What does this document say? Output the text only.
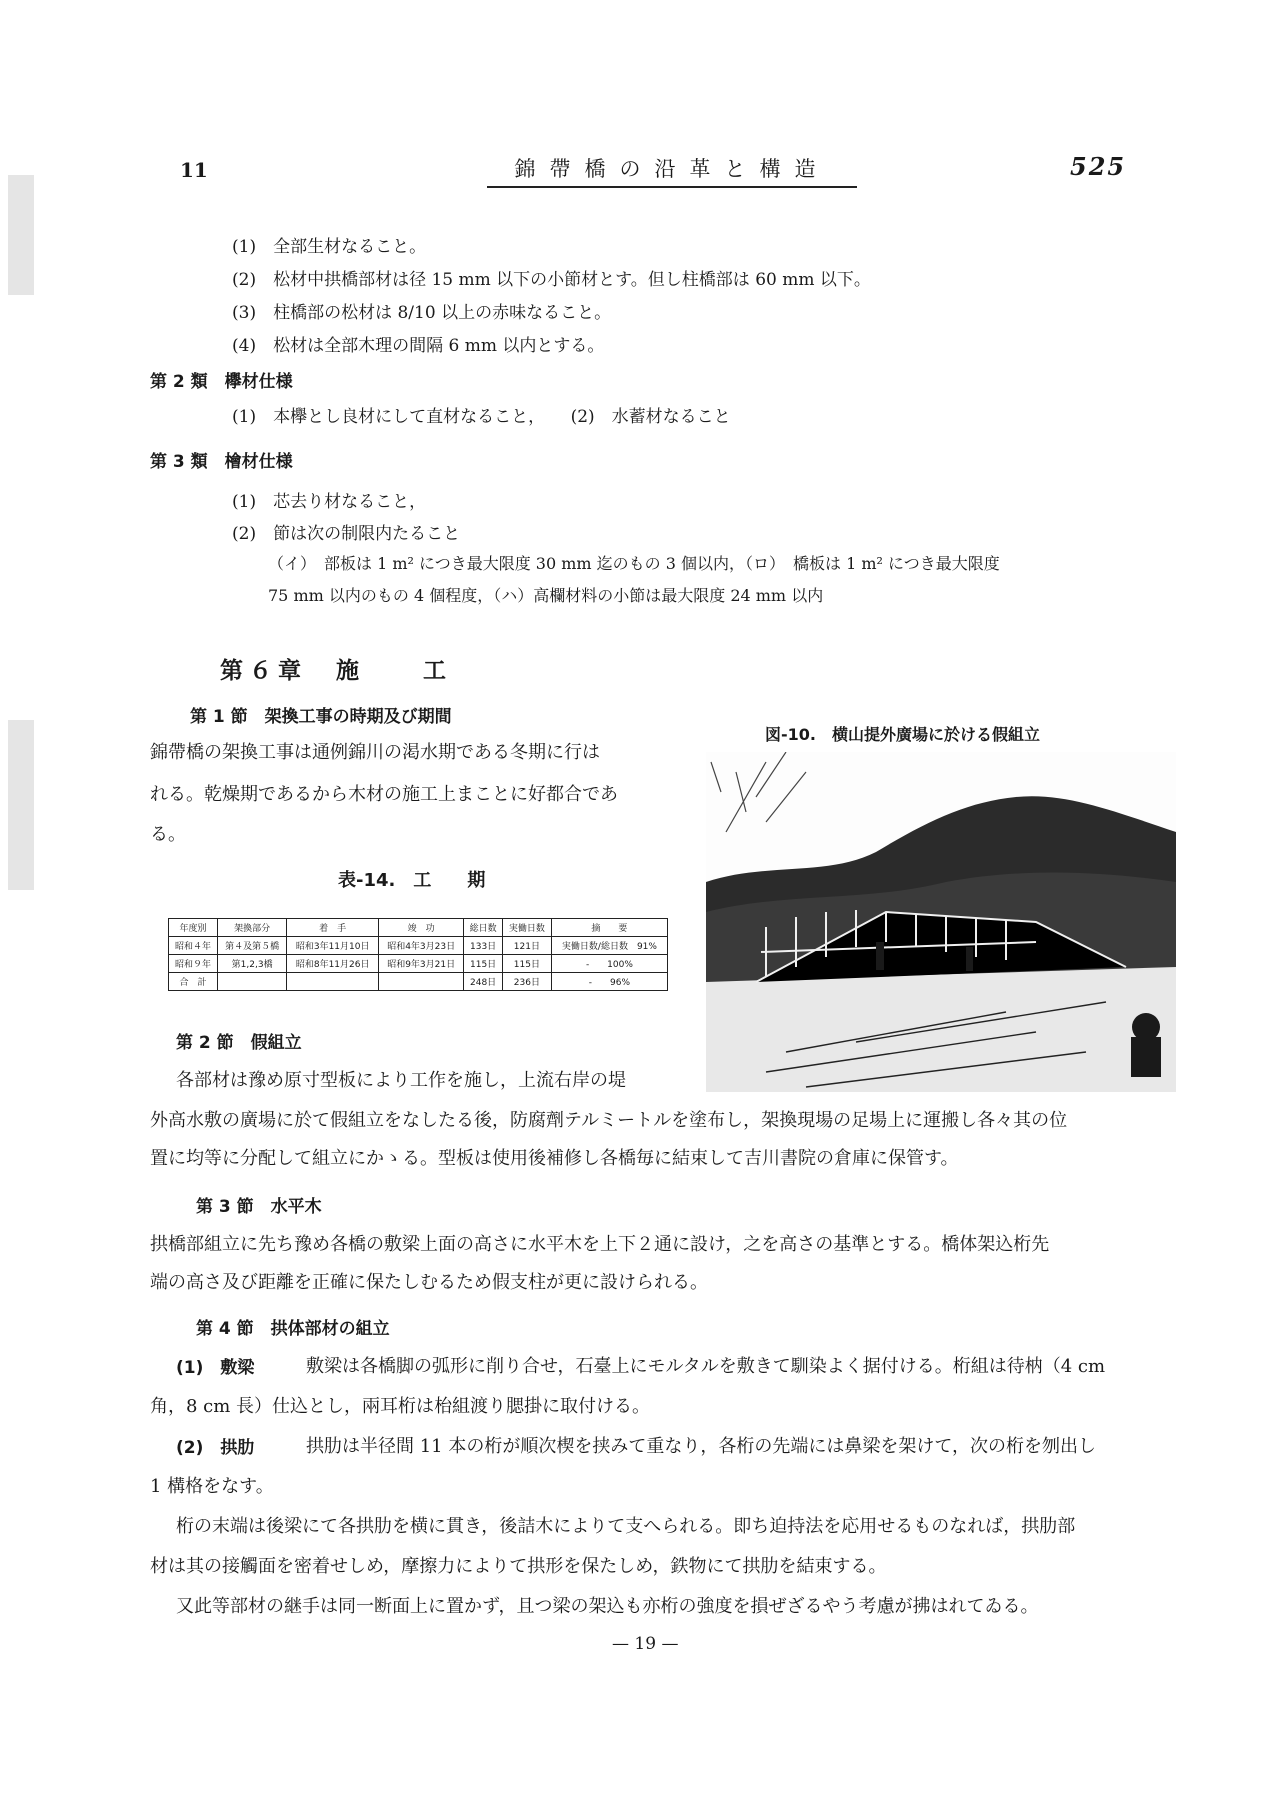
11	錦帶橋の沿革と構造	525
(1)　全部生材なること。
(2)　松材中拱橋部材は径 15 mm 以下の小節材とす。但し柱橋部は 60 mm 以下。
(3)　柱橋部の松材は 8/10 以上の赤味なること。
(4)　松材は全部木理の間隔 6 mm 以内とする。
第 2 類　欅材仕様
(1)　本欅とし良材にして直材なること，　　(2)　水蓄材なること
第 3 類　檜材仕様
(1)　芯去り材なること，
(2)　節は次の制限内たること
（イ）　部板は 1 m² につき最大限度 30 mm 迄のもの 3 個以内，（ロ）　橋板は 1 m² につき最大限度
75 mm 以内のもの 4 個程度，（ハ）高欄材料の小節は最大限度 24 mm 以内
第６章　施　　工
第 1 節　架換工事の時期及び期間
錦帶橋の架換工事は通例錦川の渇水期である冬期に行は
れる。乾燥期であるから木材の施工上まことに好都合であ
る。
表-14.　工　　期
年度別	架換部分	着　手	竣　功	総日数	実働日数	摘　　要
昭和４年	第４及第５橋	昭和3年11月10日	昭和4年3月23日	133日	121日	実働日数/総日数　91%
昭和９年	第1,2,3橋	昭和8年11月26日	昭和9年3月21日	115日	115日	-　　100%
合　計				248日	236日	-　　96%
図-10.　横山提外廣場に於ける假組立
第 2 節　假組立
各部材は豫め原寸型板により工作を施し，上流右岸の堤
外高水敷の廣場に於て假組立をなしたる後，防腐劑テルミートルを塗布し，架換現場の足場上に運搬し各々其の位
置に均等に分配して組立にかゝる。型板は使用後補修し各橋毎に結束して吉川書院の倉庫に保管す。
第 3 節　水平木
拱橋部組立に先ち豫め各橋の敷梁上面の高さに水平木を上下２通に設け，之を高さの基準とする。橋体架込桁先
端の高さ及び距離を正確に保たしむるため假支柱が更に設けられる。
第 4 節　拱体部材の組立
(1)　敷梁	敷梁は各橋脚の弧形に削り合せ，石臺上にモルタルを敷きて馴染よく据付ける。桁組は待枘（4 cm
角，8 cm 長）仕込とし，兩耳桁は枱組渡り腮掛に取付ける。
(2)　拱肋	拱肋は半径間 11 本の桁が順次楔を挟みて重なり，各桁の先端には鼻梁を架けて，次の桁を刎出し
1 構格をなす。
桁の末端は後梁にて各拱肋を横に貫き，後詰木によりて支へられる。即ち迫持法を応用せるものなれば，拱肋部
材は其の接觸面を密着せしめ，摩擦力によりて拱形を保たしめ，鉄物にて拱肋を結束する。
又此等部材の継手は同一断面上に置かず，且つ梁の架込も亦桁の強度を損ぜざるやう考慮が拂はれてゐる。
— 19 —
